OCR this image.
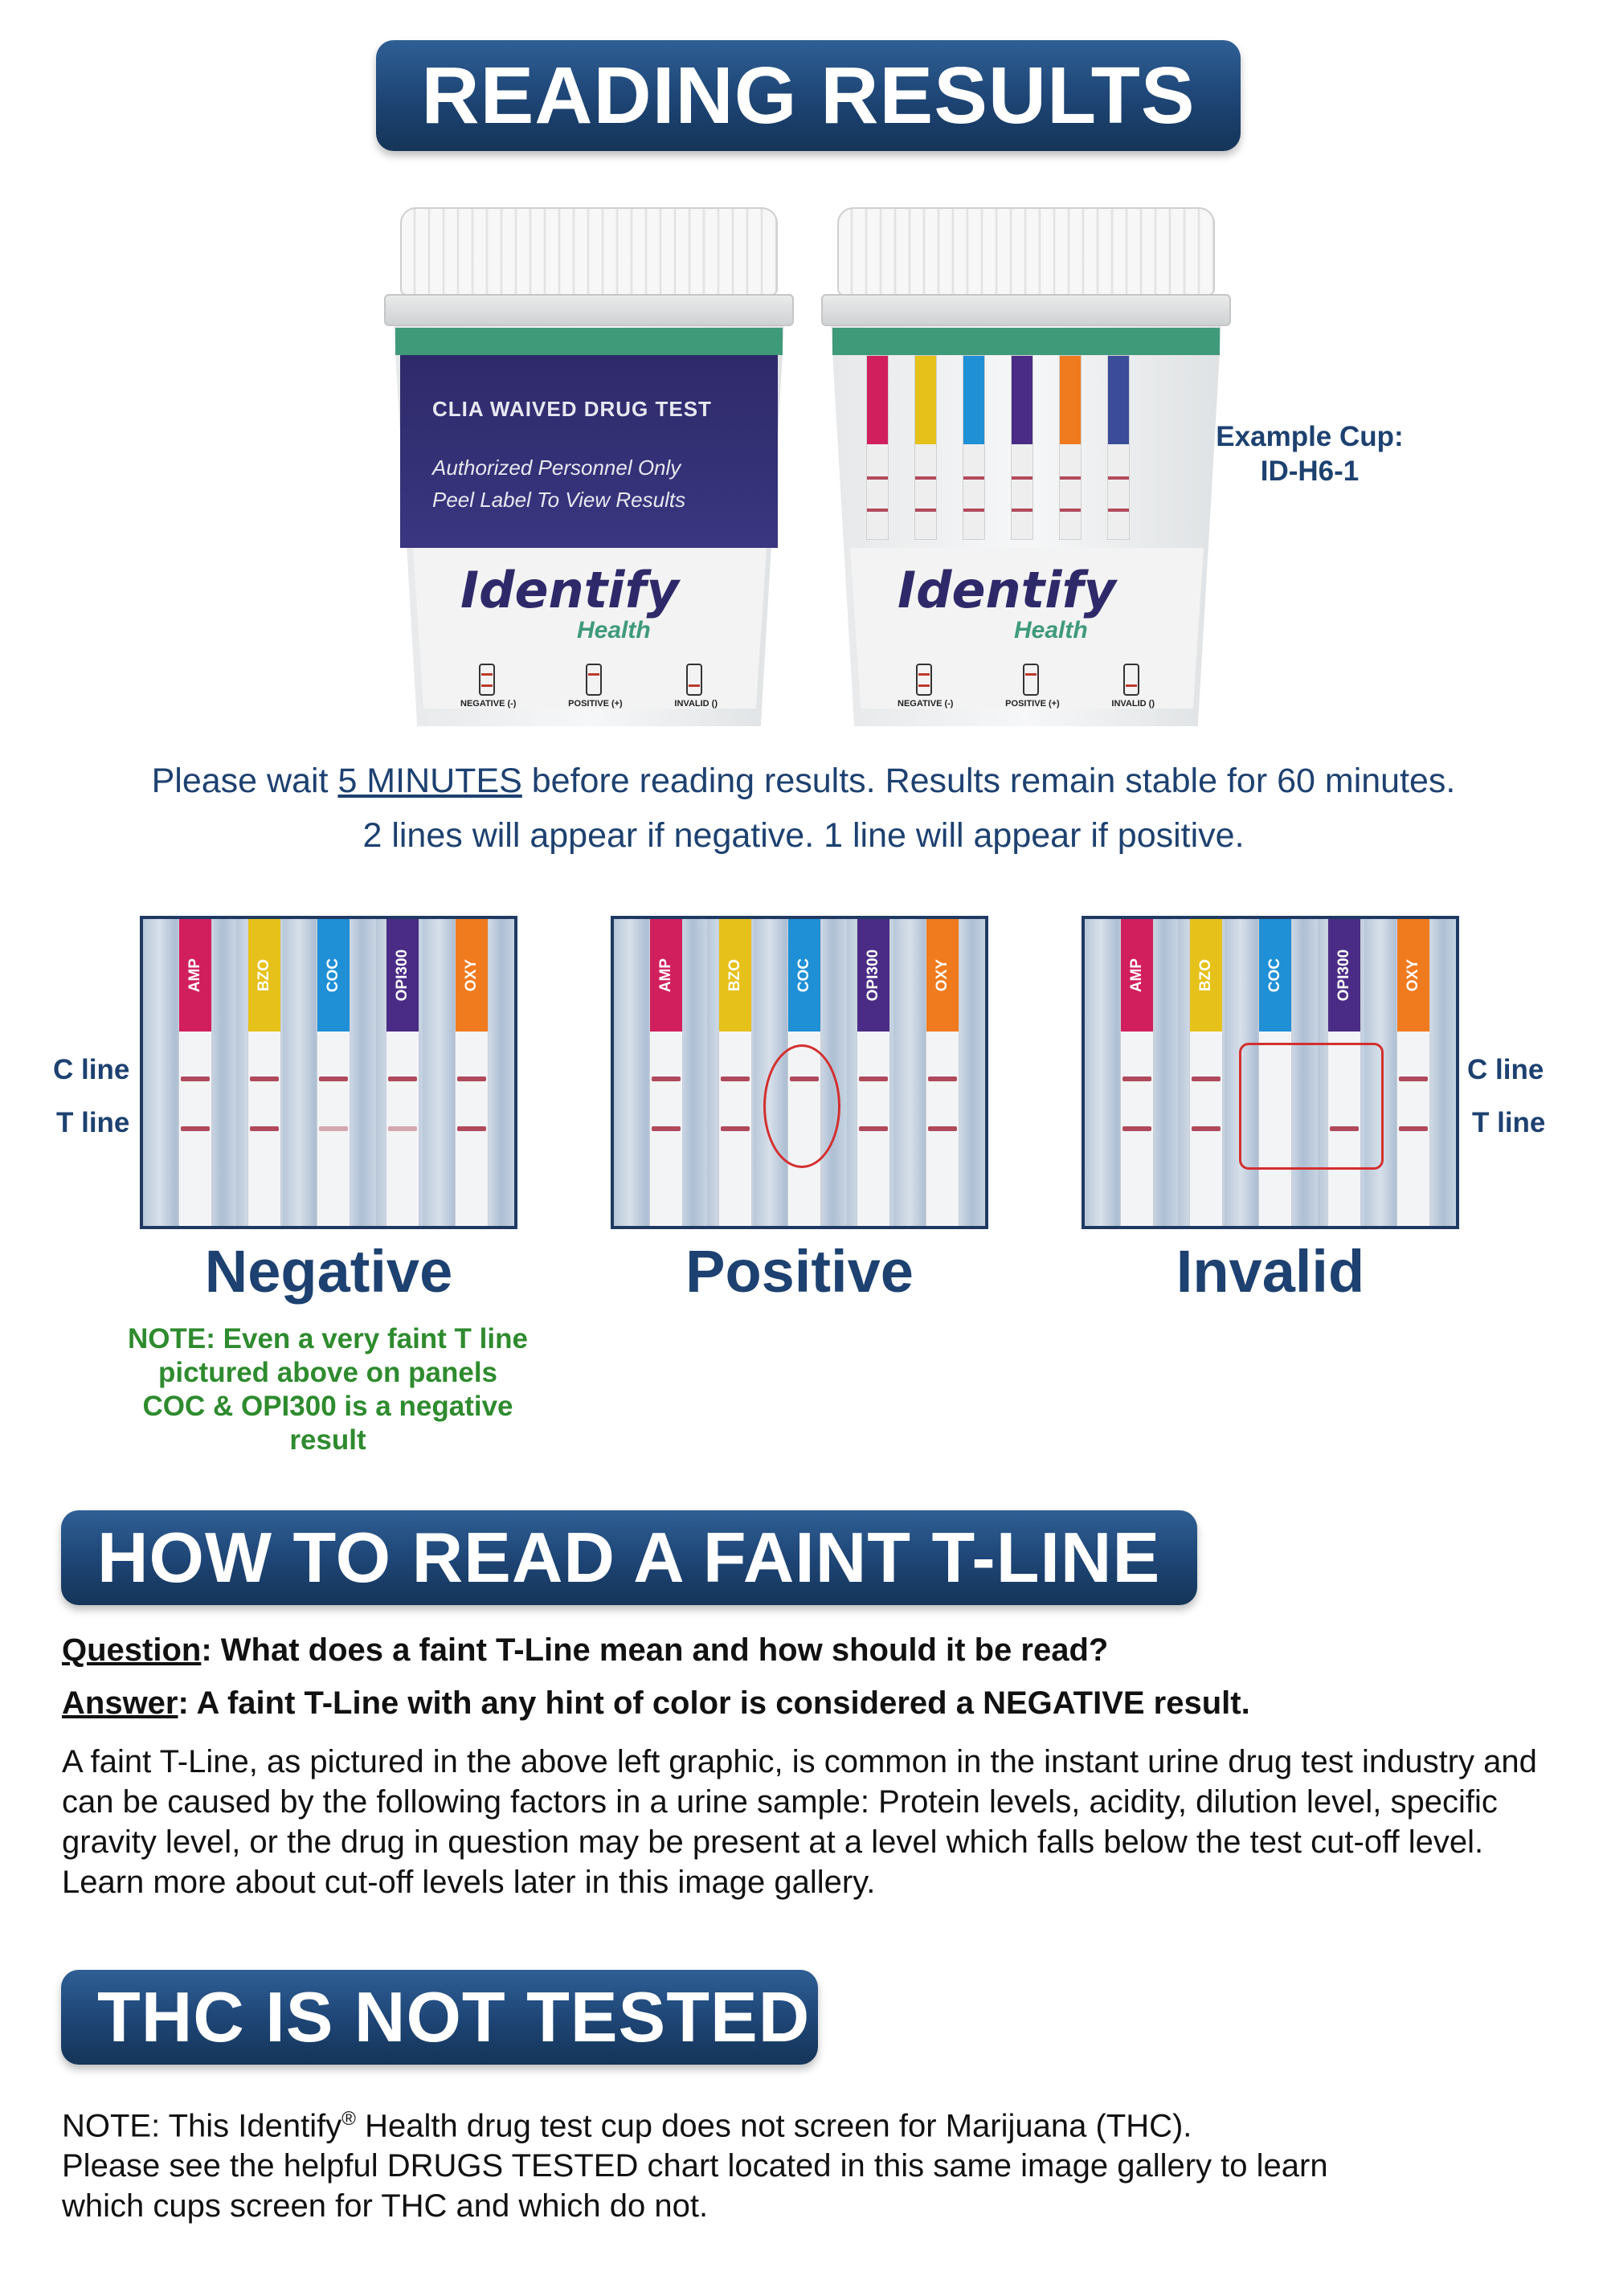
READING RESULTS
CLIA WAIVED DRUG TEST
Authorized Personnel Only
Peel Label To View Results
Identify
Health
NEGATIVE (-)	POSITIVE (+)	INVALID ()
Identify
Health
NEGATIVE (-)	POSITIVE (+)	INVALID ()
Example Cup:
ID-H6-1
Please wait 5 MINUTES before reading results. Results remain stable for 60 minutes.
2 lines will appear if negative. 1 line will appear if positive.
C line
T line
C line
T line
AMP	BZO	COC	OPI300	OXY	AMP	BZO	COC	OPI300	OXY	AMP	BZO	COC	OPI300	OXY
Negative	Positive	Invalid
NOTE: Even a very faint T line
pictured above on panels
COC & OPI300 is a negative result
HOW TO READ A FAINT T-LINE
Question: What does a faint T-Line mean and how should it be read?
Answer: A faint T-Line with any hint of color is considered a NEGATIVE result.
A faint T-Line, as pictured in the above left graphic, is common in the instant urine drug test industry and can be caused by the following factors in a urine sample: Protein levels, acidity, dilution level, specific gravity level, or the drug in question may be present at a level which falls below the test cut-off level. Learn more about cut-off levels later in this image gallery.
THC IS NOT TESTED
NOTE: This Identify® Health drug test cup does not screen for Marijuana (THC).
Please see the helpful DRUGS TESTED chart located in this same image gallery to learn
which cups screen for THC and which do not.
